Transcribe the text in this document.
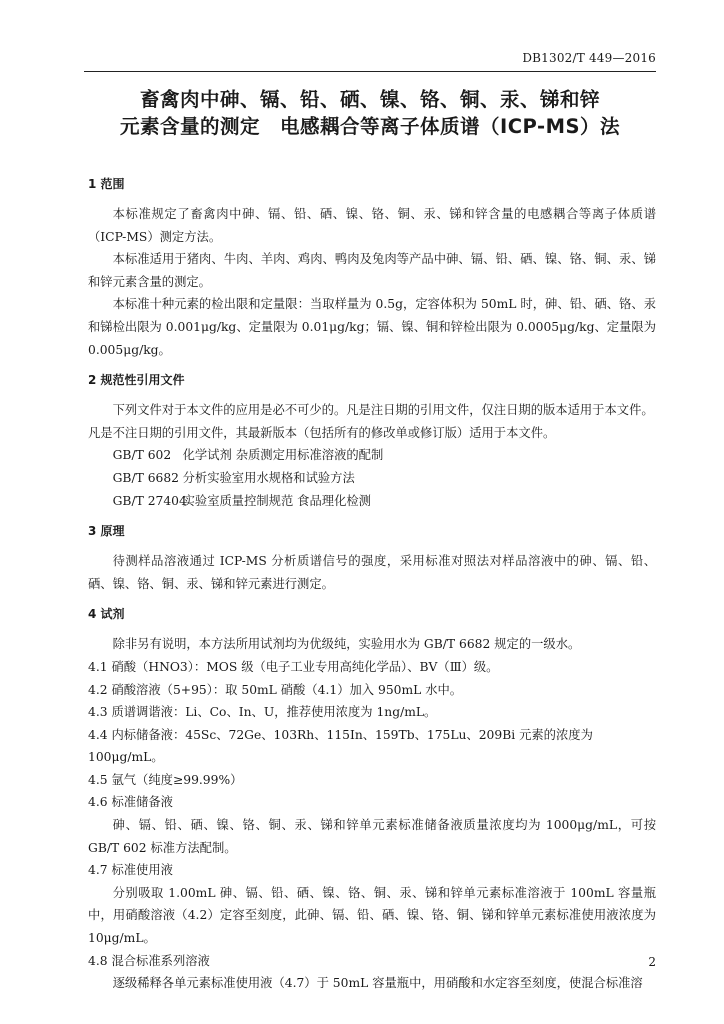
DB1302/T 449—2016
畜禽肉中砷、镉、铅、硒、镍、铬、铜、汞、锑和锌
元素含量的测定　电感耦合等离子体质谱（ICP-MS）法
1 范围

本标准规定了畜禽肉中砷、镉、铅、硒、镍、铬、铜、汞、锑和锌含量的电感耦合等离子体质谱（ICP-MS）测定方法。

本标准适用于猪肉、牛肉、羊肉、鸡肉、鸭肉及兔肉等产品中砷、镉、铅、硒、镍、铬、铜、汞、锑和锌元素含量的测定。

本标准十种元素的检出限和定量限：当取样量为 0.5g，定容体积为 50mL 时，砷、铅、硒、铬、汞和锑检出限为 0.001μg/kg、定量限为 0.01μg/kg；镉、镍、铜和锌检出限为 0.0005μg/kg、定量限为 0.005μg/kg。

2 规范性引用文件

下列文件对于本文件的应用是必不可少的。凡是注日期的引用文件，仅注日期的版本适用于本文件。

凡是不注日期的引用文件，其最新版本（包括所有的修改单或修订版）适用于本文件。

GB/T 602 化学试剂 杂质测定用标准溶液的配制

GB/T 6682 分析实验室用水规格和试验方法

GB/T 27404实验室质量控制规范 食品理化检测

3 原理

待测样品溶液通过 ICP-MS 分析质谱信号的强度，采用标准对照法对样品溶液中的砷、镉、铅、硒、镍、铬、铜、汞、锑和锌元素进行测定。

4 试剂

除非另有说明，本方法所用试剂均为优级纯，实验用水为 GB/T 6682 规定的一级水。

4.1 硝酸（HNO3）：MOS 级（电子工业专用高纯化学品）、BV（Ⅲ）级。

4.2 硝酸溶液（5+95）：取 50mL 硝酸（4.1）加入 950mL 水中。

4.3 质谱调谐液：Li、Co、In、U，推荐使用浓度为 1ng/mL。

4.4 内标储备液：45Sc、72Ge、103Rh、115In、159Tb、175Lu、209Bi 元素的浓度为 100μg/mL。

4.5 氩气（纯度≥99.99%）

4.6 标准储备液

砷、镉、铅、硒、镍、铬、铜、汞、锑和锌单元素标准储备液质量浓度均为 1000μg/mL，可按 GB/T 602 标准方法配制。

4.7 标准使用液

分别吸取 1.00mL 砷、镉、铅、硒、镍、铬、铜、汞、锑和锌单元素标准溶液于 100mL 容量瓶中，用硝酸溶液（4.2）定容至刻度，此砷、镉、铅、硒、镍、铬、铜、锑和锌单元素标准使用液浓度为 10μg/mL。

4.8 混合标准系列溶液

逐级稀释各单元素标准使用液（4.7）于 50mL 容量瓶中，用硝酸和水定容至刻度，使混合标准溶

2
